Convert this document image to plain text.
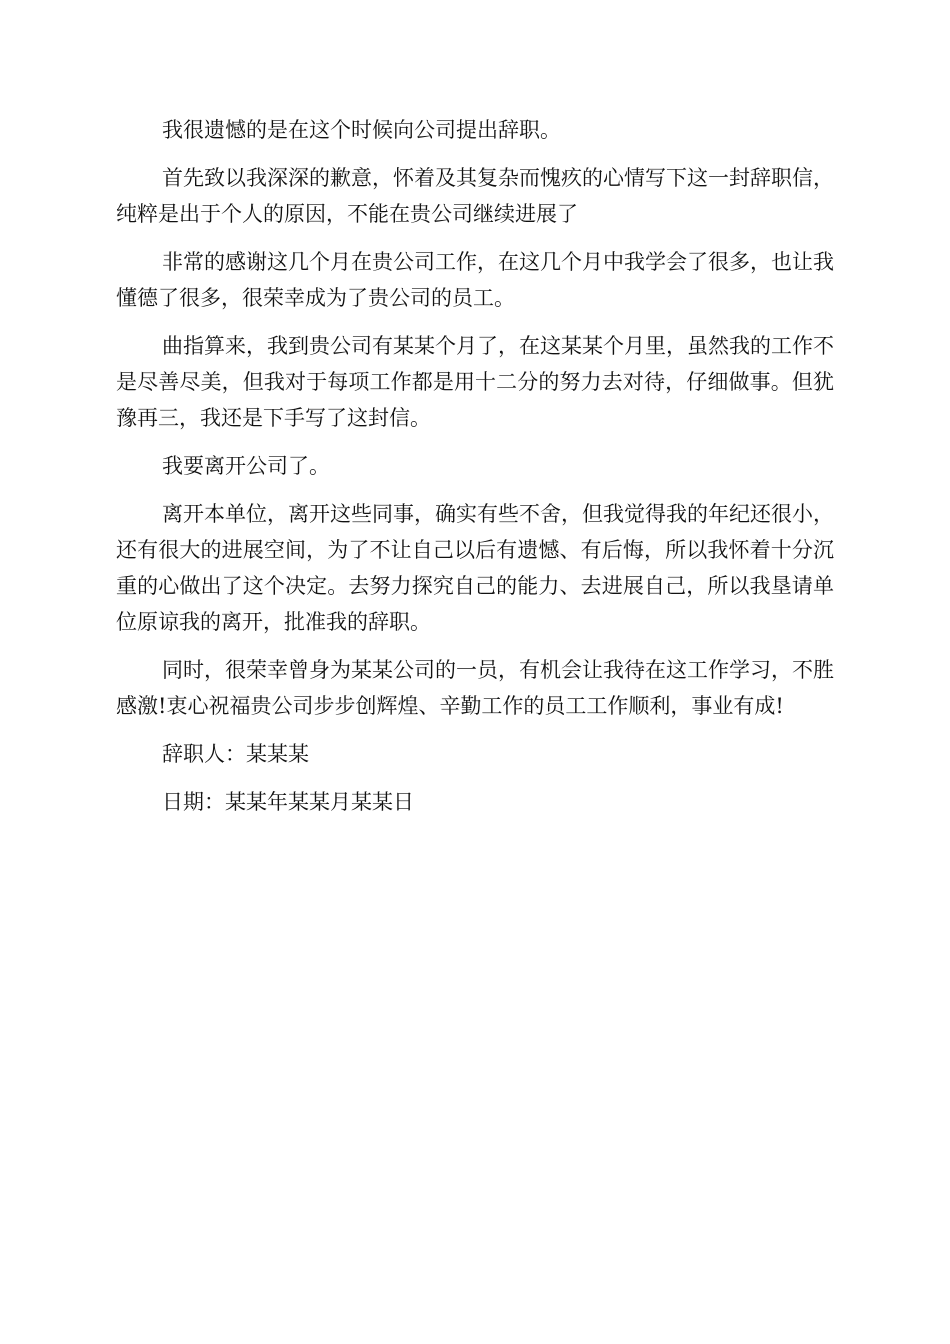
我很遗憾的是在这个时候向公司提出辞职。

首先致以我深深的歉意，怀着及其复杂而愧疚的心情写下这一封辞职信，纯粹是出于个人的原因，不能在贵公司继续进展了

非常的感谢这几个月在贵公司工作，在这几个月中我学会了很多，也让我懂德了很多，很荣幸成为了贵公司的员工。

曲指算来，我到贵公司有某某个月了，在这某某个月里，虽然我的工作不是尽善尽美，但我对于每项工作都是用十二分的努力去对待，仔细做事。但犹豫再三，我还是下手写了这封信。

我要离开公司了。

离开本单位，离开这些同事，确实有些不舍，但我觉得我的年纪还很小，还有很大的进展空间，为了不让自己以后有遗憾、有后悔，所以我怀着十分沉重的心做出了这个决定。去努力探究自己的能力、去进展自己，所以我垦请单位原谅我的离开，批准我的辞职。

同时，很荣幸曾身为某某公司的一员，有机会让我待在这工作学习，不胜感激!衷心祝福贵公司步步创辉煌、辛勤工作的员工工作顺利，事业有成!

辞职人：某某某

日期：某某年某某月某某日
